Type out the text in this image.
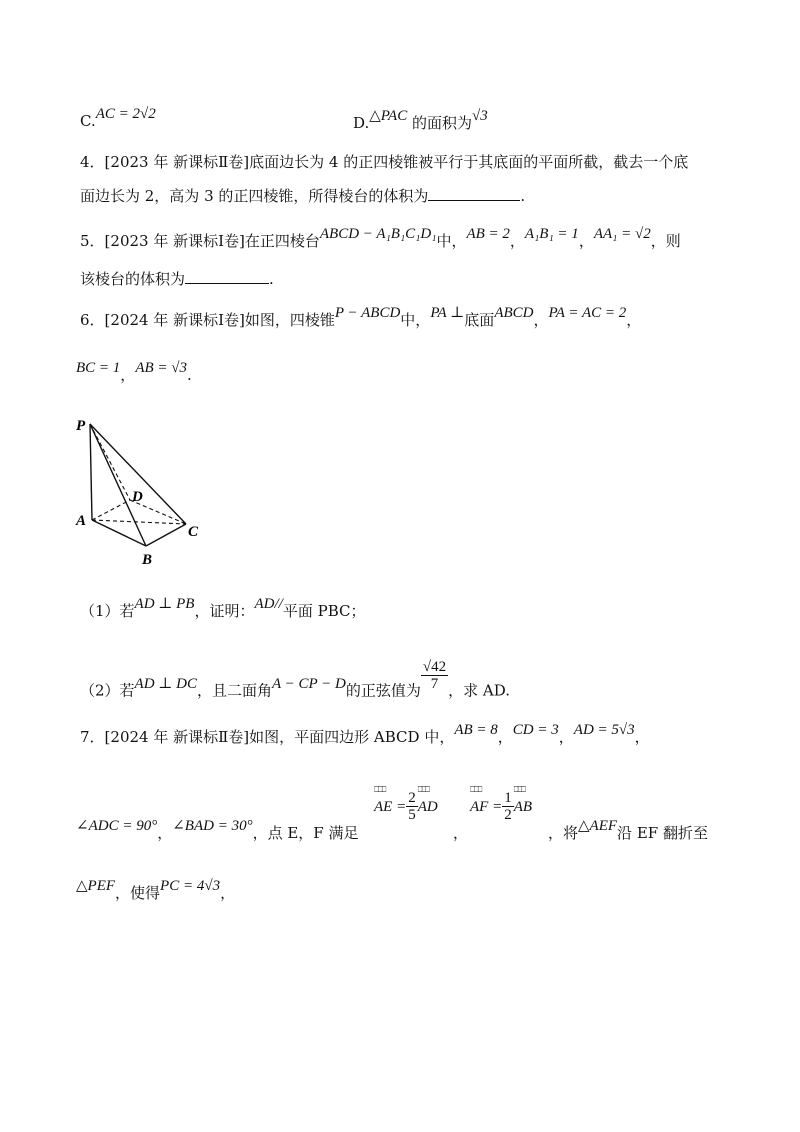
C.AC = 2√2	D.△PAC 的面积为√3
4．[2023 年 新课标Ⅱ卷]底面边长为 4 的正四棱锥被平行于其底面的平面所截，截去一个底
面边长为 2，高为 3 的正四棱锥，所得棱台的体积为	.
5．[2023 年 新课标Ⅰ卷]在正四棱台ABCD − A₁B₁C₁D₁中，AB = 2，A₁B₁ = 1，AA₁ = √2，则
该棱台的体积为	.
6．[2024 年 新课标Ⅰ卷]如图，四棱锥P − ABCD中，PA ⊥底面ABCD，PA = AC = 2，
BC = 1，AB = √3.
P
D
A
B
C
（1）若AD ⊥ PB，证明：AD//平面 PBC；
（2）若AD ⊥ DC，且二面角A − CP − D的正弦值为 $\frac{√42}{7}$ ，求 AD.
7．[2024 年 新课标Ⅱ卷]如图，平面四边形 ABCD 中，AB = 8，CD = 3，AD = 5√3，
∠ADC = 90°，∠BAD = 30°，点 E，F 满足
⎕⎕⎕ AE = $\frac{2}{5}$ ⎕⎕⎕ AD
，
⎕⎕⎕ AF = $\frac{1}{2}$ ⎕⎕⎕ AB
，将△AEF沿 EF 翻折至
△PEF，使得PC = 4√3，
